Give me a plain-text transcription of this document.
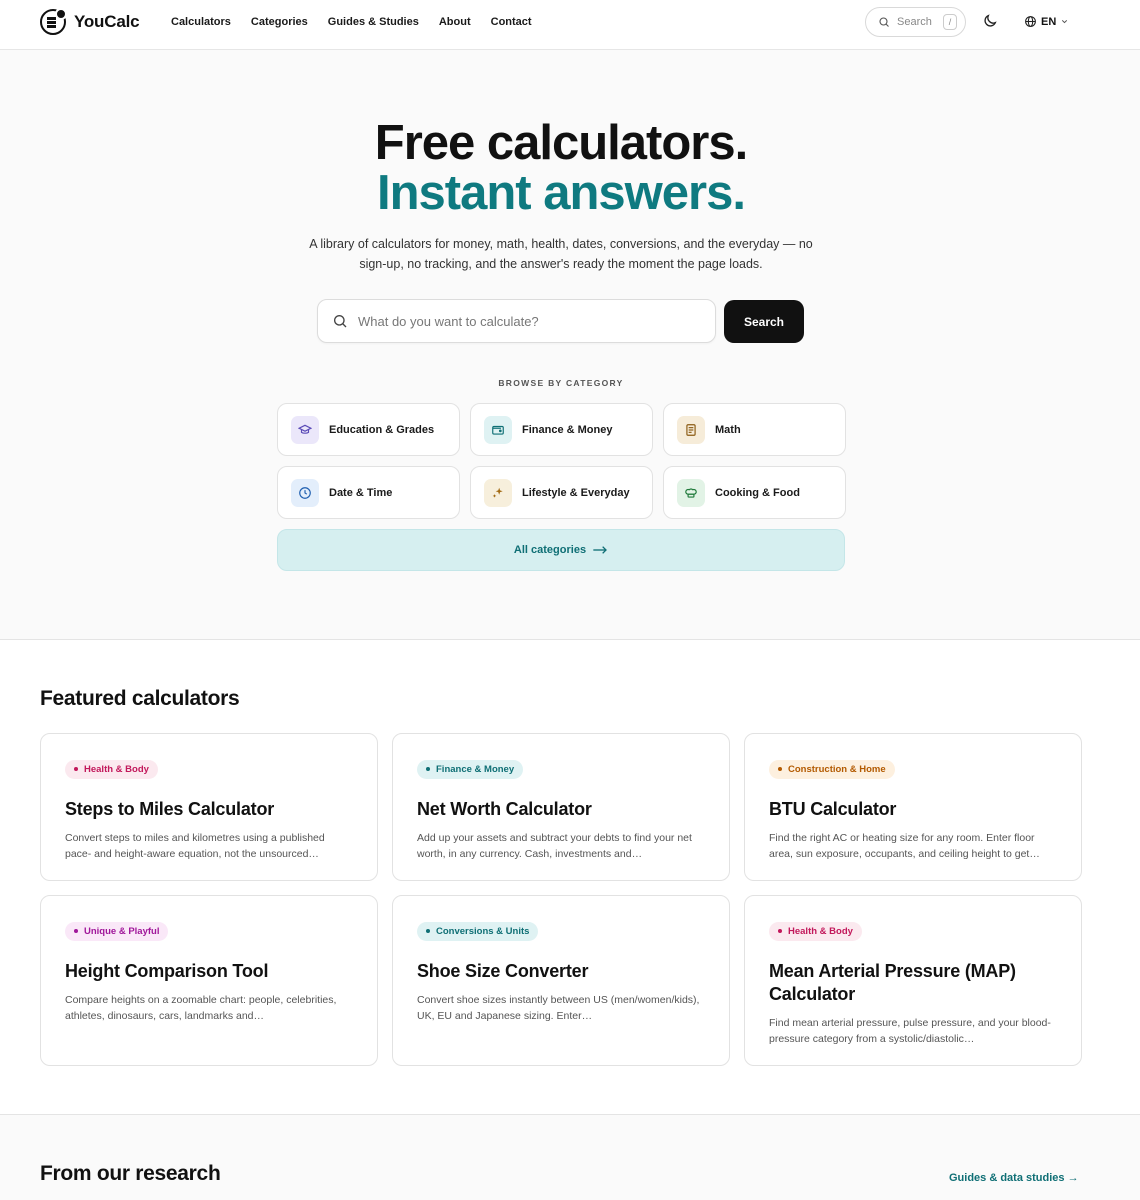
YouCalc	Calculators Categories Guides & Studies About Contact	Search	/	EN
Free calculators.
Instant answers.

A library of calculators for money, math, health, dates, conversions, and the everyday — no sign-up, no tracking, and the answer's ready the moment the page loads.

What do you want to calculate?
Search
BROWSE BY CATEGORY
Education & Grades	Finance & Money	Math
Date & Time	Lifestyle & Everyday	Cooking & Food
All categories
Featured calculators
Health & Body
Steps to Miles Calculator
Convert steps to miles and kilometres using a published pace- and height-aware equation, not the unsourced…
Finance & Money
Net Worth Calculator
Add up your assets and subtract your debts to find your net worth, in any currency. Cash, investments and…
Construction & Home
BTU Calculator
Find the right AC or heating size for any room. Enter floor area, sun exposure, occupants, and ceiling height to get…
Unique & Playful
Height Comparison Tool
Compare heights on a zoomable chart: people, celebrities, athletes, dinosaurs, cars, landmarks and…
Conversions & Units
Shoe Size Converter
Convert shoe sizes instantly between US (men/women/kids), UK, EU and Japanese sizing. Enter…
Health & Body
Mean Arterial Pressure (MAP) Calculator
Find mean arterial pressure, pulse pressure, and your blood-pressure category from a systolic/diastolic…
From our research	Guides & data studies →
